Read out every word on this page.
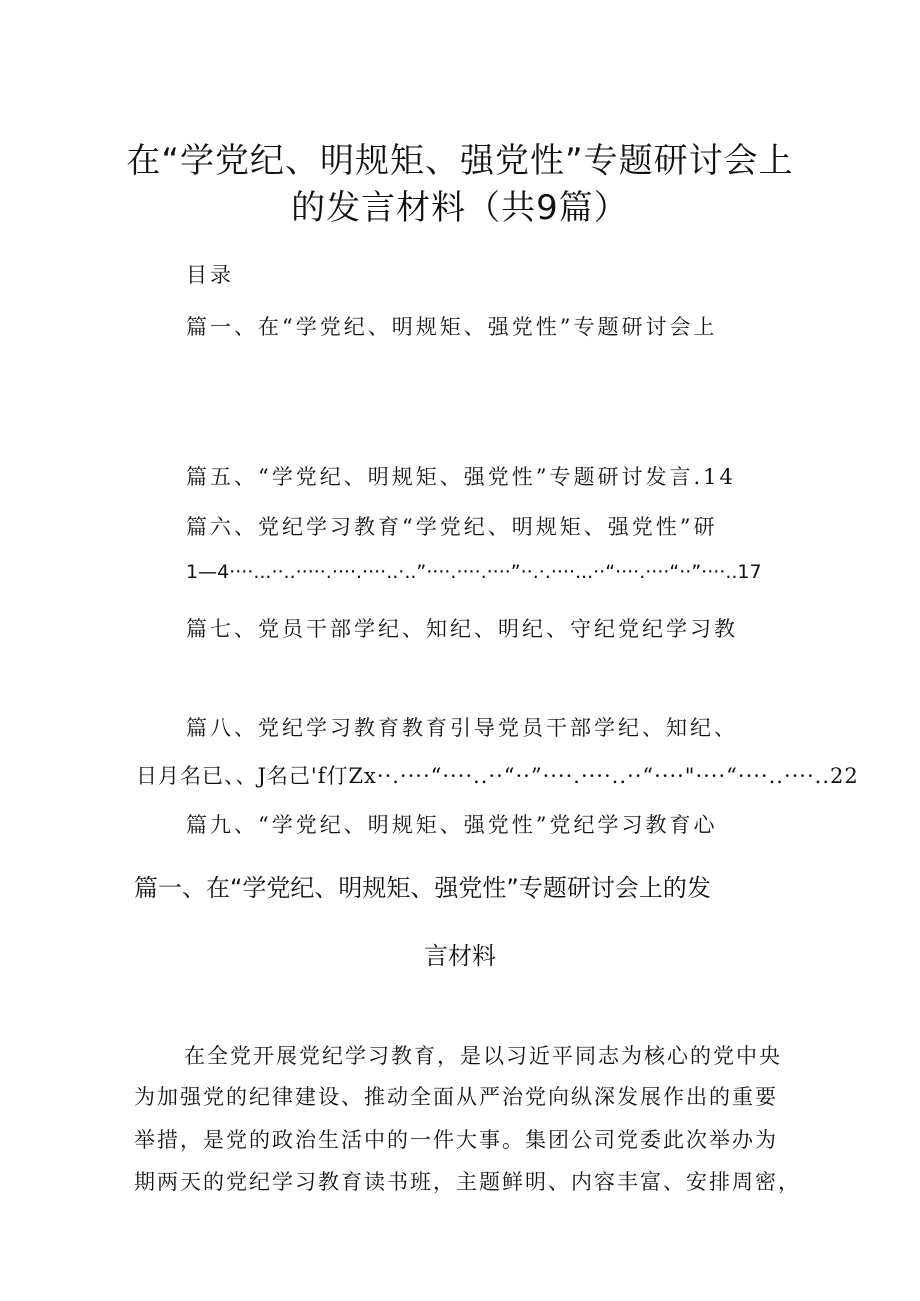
在“学党纪、明规矩、强党性”专题研讨会上
的发言材料（共9篇）
目录
篇一、在“学党纪、明规矩、强党性”专题研讨会上
篇五、“学党纪、明规矩、强党性”专题研讨发言.14
篇六、党纪学习教育“学党纪、明规矩、强党性”研
1—4····...··..·····.····.····..·..”····.····.····”··.·.····...··“····.····“··”····..17
篇七、党员干部学纪、知纪、明纪、守纪党纪学习教
篇八、党纪学习教育教育引导党员干部学纪、知纪、
日月名已、、J名己'f仃Zx··.····“····..··“··”····.····..··“····"····“····..····..22
篇九、“学党纪、明规矩、强党性”党纪学习教育心
篇一、在“学党纪、明规矩、强党性”专题研讨会上的发
言材料
在全党开展党纪学习教育，是以习近平同志为核心的党中央
为加强党的纪律建设、推动全面从严治党向纵深发展作出的重要
举措，是党的政治生活中的一件大事。集团公司党委此次举办为
期两天的党纪学习教育读书班，主题鲜明、内容丰富、安排周密，
